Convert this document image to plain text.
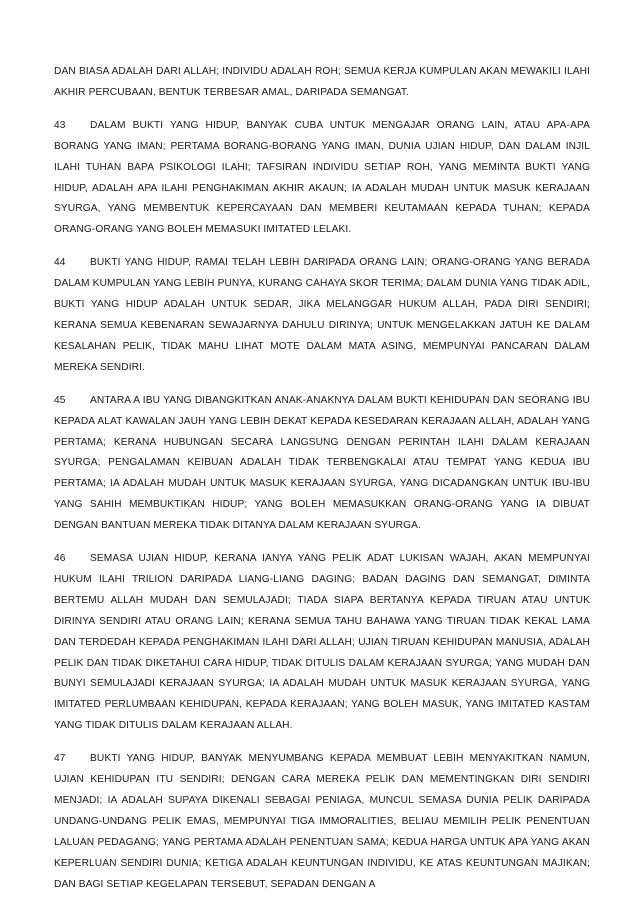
DAN BIASA ADALAH DARI ALLAH; INDIVIDU ADALAH ROH; SEMUA KERJA KUMPULAN AKAN MEWAKILI ILAHI AKHIR PERCUBAAN, BENTUK TERBESAR AMAL, DARIPADA SEMANGAT.

43 DALAM BUKTI YANG HIDUP, BANYAK CUBA UNTUK MENGAJAR ORANG LAIN, ATAU APA-APA BORANG YANG IMAN; PERTAMA BORANG-BORANG YANG IMAN, DUNIA UJIAN HIDUP, DAN DALAM INJIL ILAHI TUHAN BAPA PSIKOLOGI ILAHI; TAFSIRAN INDIVIDU SETIAP ROH, YANG MEMINTA BUKTI YANG HIDUP, ADALAH APA ILAHI PENGHAKIMAN AKHIR AKAUN; IA ADALAH MUDAH UNTUK MASUK KERAJAAN SYURGA, YANG MEMBENTUK KEPERCAYAAN DAN MEMBERI KEUTAMAAN KEPADA TUHAN; KEPADA ORANG-ORANG YANG BOLEH MEMASUKI IMITATED LELAKI.

44 BUKTI YANG HIDUP, RAMAI TELAH LEBIH DARIPADA ORANG LAIN; ORANG-ORANG YANG BERADA DALAM KUMPULAN YANG LEBIH PUNYA, KURANG CAHAYA SKOR TERIMA; DALAM DUNIA YANG TIDAK ADIL, BUKTI YANG HIDUP ADALAH UNTUK SEDAR, JIKA MELANGGAR HUKUM ALLAH, PADA DIRI SENDIRI; KERANA SEMUA KEBENARAN SEWAJARNYA DAHULU DIRINYA; UNTUK MENGELAKKAN JATUH KE DALAM KESALAHAN PELIK, TIDAK MAHU LIHAT MOTE DALAM MATA ASING, MEMPUNYAI PANCARAN DALAM MEREKA SENDIRI.

45 ANTARA A IBU YANG DIBANGKITKAN ANAK-ANAKNYA DALAM BUKTI KEHIDUPAN DAN SEORANG IBU KEPADA ALAT KAWALAN JAUH YANG LEBIH DEKAT KEPADA KESEDARAN KERAJAAN ALLAH, ADALAH YANG PERTAMA; KERANA HUBUNGAN SECARA LANGSUNG DENGAN PERINTAH ILAHI DALAM KERAJAAN SYURGA; PENGALAMAN KEIBUAN ADALAH TIDAK TERBENGKALAI ATAU TEMPAT YANG KEDUA IBU PERTAMA; IA ADALAH MUDAH UNTUK MASUK KERAJAAN SYURGA, YANG DICADANGKAN UNTUK IBU-IBU YANG SAHIH MEMBUKTIKAN HIDUP; YANG BOLEH MEMASUKKAN ORANG-ORANG YANG IA DIBUAT DENGAN BANTUAN MEREKA TIDAK DITANYA DALAM KERAJAAN SYURGA.

46 SEMASA UJIAN HIDUP, KERANA IANYA YANG PELIK ADAT LUKISAN WAJAH, AKAN MEMPUNYAI HUKUM ILAHI TRILION DARIPADA LIANG-LIANG DAGING; BADAN DAGING DAN SEMANGAT, DIMINTA BERTEMU ALLAH MUDAH DAN SEMULAJADI; TIADA SIAPA BERTANYA KEPADA TIRUAN ATAU UNTUK DIRINYA SENDIRI ATAU ORANG LAIN; KERANA SEMUA TAHU BAHAWA YANG TIRUAN TIDAK KEKAL LAMA DAN TERDEDAH KEPADA PENGHAKIMAN ILAHI DARI ALLAH; UJIAN TIRUAN KEHIDUPAN MANUSIA, ADALAH PELIK DAN TIDAK DIKETAHUI CARA HIDUP, TIDAK DITULIS DALAM KERAJAAN SYURGA; YANG MUDAH DAN BUNYI SEMULAJADI KERAJAAN SYURGA; IA ADALAH MUDAH UNTUK MASUK KERAJAAN SYURGA, YANG IMITATED PERLUMBAAN KEHIDUPAN, KEPADA KERAJAAN; YANG BOLEH MASUK, YANG IMITATED KASTAM YANG TIDAK DITULIS DALAM KERAJAAN ALLAH.

47 BUKTI YANG HIDUP, BANYAK MENYUMBANG KEPADA MEMBUAT LEBIH MENYAKITKAN NAMUN, UJIAN KEHIDUPAN ITU SENDIRI; DENGAN CARA MEREKA PELIK DAN MEMENTINGKAN DIRI SENDIRI MENJADI; IA ADALAH SUPAYA DIKENALI SEBAGAI PENIAGA, MUNCUL SEMASA DUNIA PELIK DARIPADA UNDANG-UNDANG PELIK EMAS, MEMPUNYAI TIGA IMMORALITIES, BELIAU MEMILIH PELIK PENENTUAN LALUAN PEDAGANG; YANG PERTAMA ADALAH PENENTUAN SAMA; KEDUA HARGA UNTUK APA YANG AKAN KEPERLUAN SENDIRI DUNIA; KETIGA ADALAH KEUNTUNGAN INDIVIDU, KE ATAS KEUNTUNGAN MAJIKAN; DAN BAGI SETIAP KEGELAPAN TERSEBUT, SEPADAN DENGAN A
